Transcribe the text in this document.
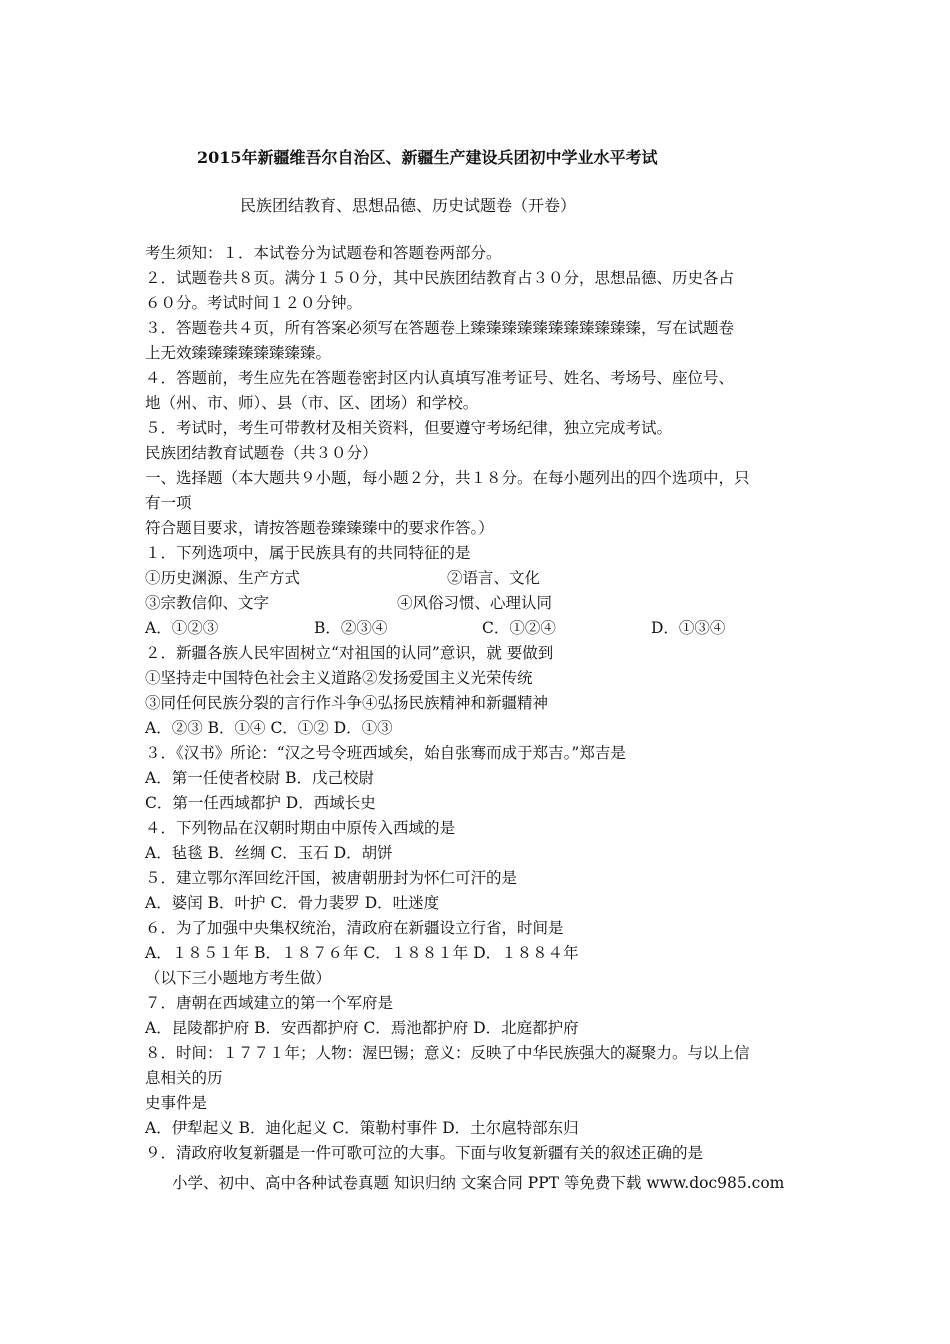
2015年新疆维吾尔自治区、新疆生产建设兵团初中学业水平考试
民族团结教育、思想品德、历史试题卷（开卷）
考生须知：１．本试卷分为试题卷和答题卷两部分。
２．试题卷共８页。满分１５０分，其中民族团结教育占３０分，思想品德、历史各占
６０分。考试时间１２０分钟。
３．答题卷共４页，所有答案必须写在答题卷上臻臻臻臻臻臻臻臻臻臻臻，写在试题卷
上无效臻臻臻臻臻臻臻臻。
４．答题前，考生应先在答题卷密封区内认真填写准考证号、姓名、考场号、座位号、
地（州、市、师）、县（市、区、团场）和学校。
５．考试时，考生可带教材及相关资料，但要遵守考场纪律，独立完成考试。
民族团结教育试题卷（共３０分）
一、选择题（本大题共９小题，每小题２分，共１８分。在每小题列出的四个选项中，只
有一项
符合题目要求，请按答题卷臻臻臻中的要求作答。）
１．下列选项中，属于民族具有的共同特征的是
①历史渊源、生产方式	②语言、文化
③宗教信仰、文字	④风俗习惯、心理认同
A．①②③	B．②③④	C．①②④	D．①③④
２．新疆各族人民牢固树立“对祖国的认同”意识，就 要做到
①坚持走中国特色社会主义道路②发扬爱国主义光荣传统
③同任何民族分裂的言行作斗争④弘扬民族精神和新疆精神
A．②③ B．①④ C．①② D．①③
３．《汉书》所论：“汉之号令班西域矣，始自张骞而成于郑吉。”郑吉是
A．第一任使者校尉 B．戊己校尉
C．第一任西域都护 D．西域长史
４．下列物品在汉朝时期由中原传入西域的是
A．毡毯 B．丝绸 C．玉石 D．胡饼
５．建立鄂尔浑回纥汗国，被唐朝册封为怀仁可汗的是
A．婆闰 B．叶护 C．骨力裴罗 D．吐迷度
６．为了加强中央集权统治，清政府在新疆设立行省，时间是
A．１８５１年 B．１８７６年 C．１８８１年 D．１８８４年
（以下三小题地方考生做）
７．唐朝在西域建立的第一个军府是
A．昆陵都护府 B．安西都护府 C．焉池都护府 D．北庭都护府
８．时间：１７７１年；人物：渥巴锡；意义：反映了中华民族强大的凝聚力。与以上信
息相关的历
史事件是
A．伊犁起义 B．迪化起义 C．策勒村事件 D．土尔扈特部东归
９．清政府收复新疆是一件可歌可泣的大事。下面与收复新疆有关的叙述正确的是
小学、初中、高中各种试卷真题 知识归纳 文案合同 PPT 等免费下载 www.doc985.com
